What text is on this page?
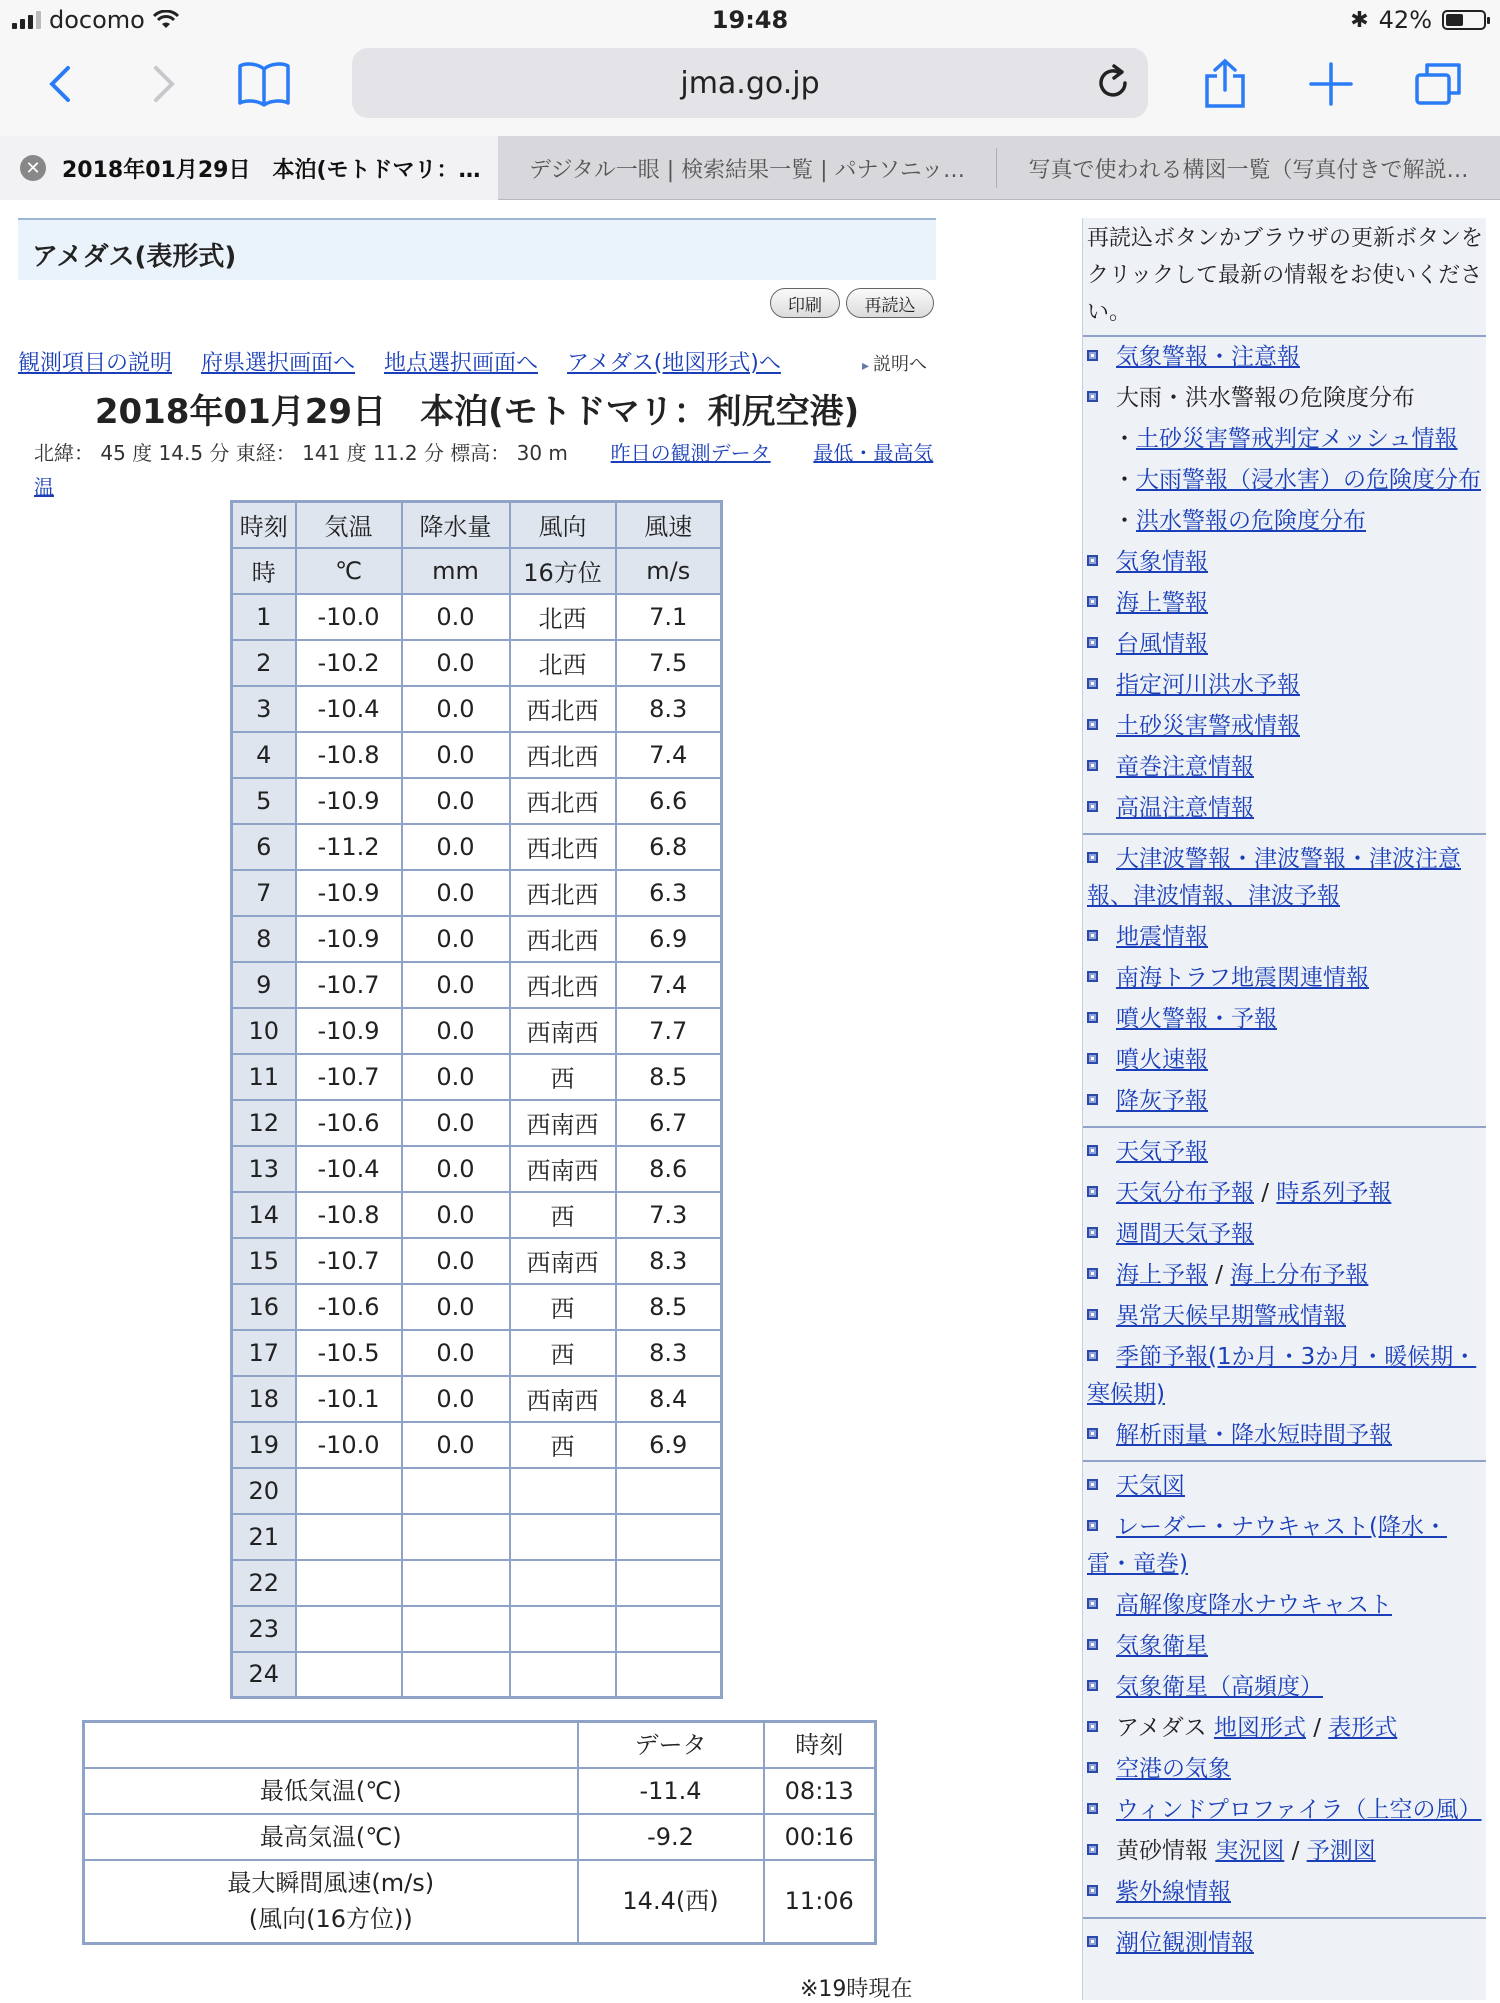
docomo	19:48	✱ 42%
jma.go.jp
✕ 2018年01月29日　本泊(モトドマリ：… デジタル一眼 | 検索結果一覧 | パナソニッ…	写真で使われる構図一覧（写真付きで解説…
アメダス(表形式)
印刷	再読込
観測項目の説明 府県選択画面へ 地点選択画面へ アメダス(地図形式)へ	▸ 説明へ
2018年01月29日　本泊(モトドマリ：利尻空港)
北緯： 45 度 14.5 分 東経： 141 度 11.2 分 標高： 30 m 昨日の観測データ 最低・最高気温
時刻	気温	降水量	風向	風速
時	℃	mm	16方位	m/s
1	-10.0	0.0	北西	7.1
2	-10.2	0.0	北西	7.5
3	-10.4	0.0	西北西	8.3
4	-10.8	0.0	西北西	7.4
5	-10.9	0.0	西北西	6.6
6	-11.2	0.0	西北西	6.8
7	-10.9	0.0	西北西	6.3
8	-10.9	0.0	西北西	6.9
9	-10.7	0.0	西北西	7.4
10	-10.9	0.0	西南西	7.7
11	-10.7	0.0	西	8.5
12	-10.6	0.0	西南西	6.7
13	-10.4	0.0	西南西	8.6
14	-10.8	0.0	西	7.3
15	-10.7	0.0	西南西	8.3
16	-10.6	0.0	西	8.5
17	-10.5	0.0	西	8.3
18	-10.1	0.0	西南西	8.4
19	-10.0	0.0	西	6.9
20				
21				
22				
23				
24				
	データ	時刻
最低気温(℃)	-11.4	08:13
最高気温(℃)	-9.2	00:16
最大瞬間風速(m/s)
(風向(16方位))	14.4(西)	11:06
※19時現在
再読込ボタンかブラウザの更新ボタンをクリックして最新の情報をお使いください。
気象警報・注意報
大雨・洪水警報の危険度分布
・土砂災害警戒判定メッシュ情報
・大雨警報（浸水害）の危険度分布
・洪水警報の危険度分布
気象情報
海上警報
台風情報
指定河川洪水予報
土砂災害警戒情報
竜巻注意情報
高温注意情報
大津波警報・津波警報・津波注意報、津波情報、津波予報
地震情報
南海トラフ地震関連情報
噴火警報・予報
噴火速報
降灰予報
天気予報
天気分布予報 / 時系列予報
週間天気予報
海上予報 / 海上分布予報
異常天候早期警戒情報
季節予報(1か月・3か月・暖候期・寒候期)
解析雨量・降水短時間予報
天気図
レーダー・ナウキャスト(降水・雷・竜巻)
高解像度降水ナウキャスト
気象衛星
気象衛星（高頻度）
アメダス 地図形式 / 表形式
空港の気象
ウィンドプロファイラ（上空の風）
黄砂情報 実況図 / 予測図
紫外線情報
潮位観測情報
